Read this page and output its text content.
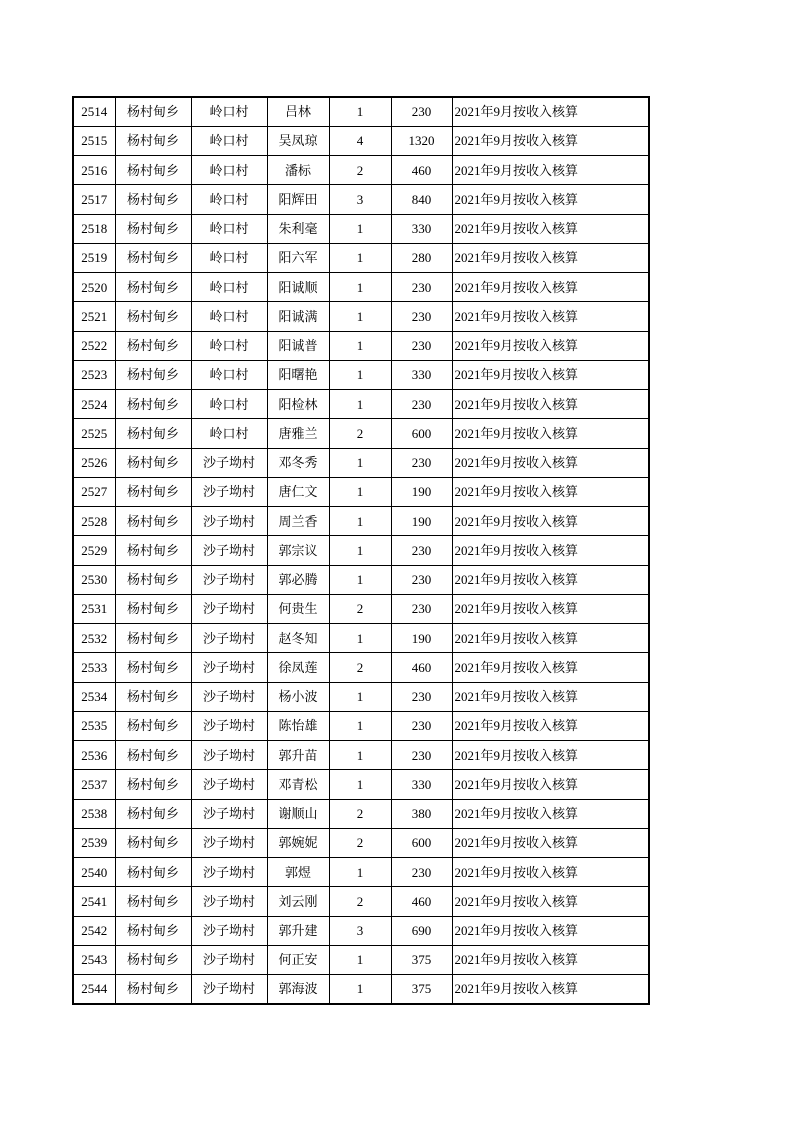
2514	杨村甸乡	岭口村	吕林	1	230	2021年9月按收入核算
2515	杨村甸乡	岭口村	吴凤琼	4	1320	2021年9月按收入核算
2516	杨村甸乡	岭口村	潘标	2	460	2021年9月按收入核算
2517	杨村甸乡	岭口村	阳辉田	3	840	2021年9月按收入核算
2518	杨村甸乡	岭口村	朱利毫	1	330	2021年9月按收入核算
2519	杨村甸乡	岭口村	阳六军	1	280	2021年9月按收入核算
2520	杨村甸乡	岭口村	阳诚顺	1	230	2021年9月按收入核算
2521	杨村甸乡	岭口村	阳诚满	1	230	2021年9月按收入核算
2522	杨村甸乡	岭口村	阳诚普	1	230	2021年9月按收入核算
2523	杨村甸乡	岭口村	阳曙艳	1	330	2021年9月按收入核算
2524	杨村甸乡	岭口村	阳检林	1	230	2021年9月按收入核算
2525	杨村甸乡	岭口村	唐雅兰	2	600	2021年9月按收入核算
2526	杨村甸乡	沙子坳村	邓冬秀	1	230	2021年9月按收入核算
2527	杨村甸乡	沙子坳村	唐仁文	1	190	2021年9月按收入核算
2528	杨村甸乡	沙子坳村	周兰香	1	190	2021年9月按收入核算
2529	杨村甸乡	沙子坳村	郭宗议	1	230	2021年9月按收入核算
2530	杨村甸乡	沙子坳村	郭必腾	1	230	2021年9月按收入核算
2531	杨村甸乡	沙子坳村	何贵生	2	230	2021年9月按收入核算
2532	杨村甸乡	沙子坳村	赵冬知	1	190	2021年9月按收入核算
2533	杨村甸乡	沙子坳村	徐凤莲	2	460	2021年9月按收入核算
2534	杨村甸乡	沙子坳村	杨小波	1	230	2021年9月按收入核算
2535	杨村甸乡	沙子坳村	陈怡雄	1	230	2021年9月按收入核算
2536	杨村甸乡	沙子坳村	郭升苗	1	230	2021年9月按收入核算
2537	杨村甸乡	沙子坳村	邓青松	1	330	2021年9月按收入核算
2538	杨村甸乡	沙子坳村	谢顺山	2	380	2021年9月按收入核算
2539	杨村甸乡	沙子坳村	郭婉妮	2	600	2021年9月按收入核算
2540	杨村甸乡	沙子坳村	郭煜	1	230	2021年9月按收入核算
2541	杨村甸乡	沙子坳村	刘云刚	2	460	2021年9月按收入核算
2542	杨村甸乡	沙子坳村	郭升建	3	690	2021年9月按收入核算
2543	杨村甸乡	沙子坳村	何正安	1	375	2021年9月按收入核算
2544	杨村甸乡	沙子坳村	郭海波	1	375	2021年9月按收入核算
